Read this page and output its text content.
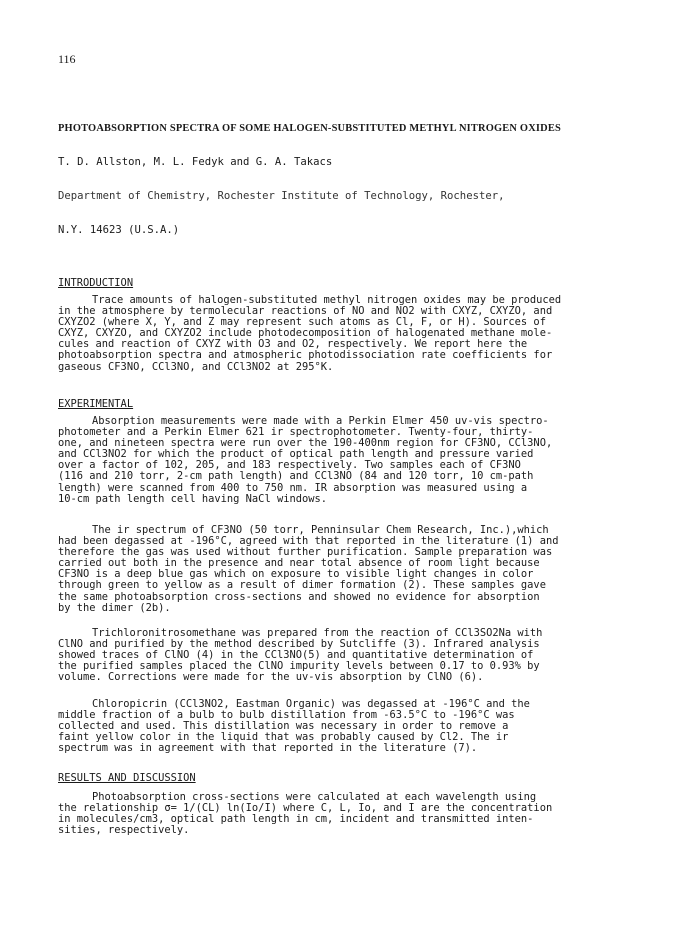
116
PHOTOABSORPTION SPECTRA OF SOME HALOGEN-SUBSTITUTED METHYL NITROGEN OXIDES
T. D. Allston, M. L. Fedyk and G. A. Takacs
Department of Chemistry, Rochester Institute of Technology, Rochester,
N.Y. 14623 (U.S.A.)
INTRODUCTION
Trace amounts of halogen-substituted methyl nitrogen oxides may be produced
in the atmosphere by termolecular reactions of NO and NO2 with CXYZ, CXYZO, and
CXYZO2 (where X, Y, and Z may represent such atoms as Cl, F, or H). Sources of
CXYZ, CXYZO, and CXYZO2 include photodecomposition of halogenated methane mole-
cules and reaction of CXYZ with O3 and O2, respectively. We report here the
photoabsorption spectra and atmospheric photodissociation rate coefficients for
gaseous CF3NO, CCl3NO, and CCl3NO2 at 295°K.
EXPERIMENTAL
Absorption measurements were made with a Perkin Elmer 450 uv-vis spectro-
photometer and a Perkin Elmer 621 ir spectrophotometer. Twenty-four, thirty-
one, and nineteen spectra were run over the 190-400nm region for CF3NO, CCl3NO,
and CCl3NO2 for which the product of optical path length and pressure varied
over a factor of 102, 205, and 183 respectively. Two samples each of CF3NO
(116 and 210 torr, 2-cm path length) and CCl3NO (84 and 120 torr, 10 cm-path
length) were scanned from 400 to 750 nm. IR absorption was measured using a
10-cm path length cell having NaCl windows.
The ir spectrum of CF3NO (50 torr, Penninsular Chem Research, Inc.),which
had been degassed at -196°C, agreed with that reported in the literature (1) and
therefore the gas was used without further purification. Sample preparation was
carried out both in the presence and near total absence of room light because
CF3NO is a deep blue gas which on exposure to visible light changes in color
through green to yellow as a result of dimer formation (2). These samples gave
the same photoabsorption cross-sections and showed no evidence for absorption
by the dimer (2b).
Trichloronitrosomethane was prepared from the reaction of CCl3SO2Na with
ClNO and purified by the method described by Sutcliffe (3). Infrared analysis
showed traces of ClNO (4) in the CCl3NO(5) and quantitative determination of
the purified samples placed the ClNO impurity levels between 0.17 to 0.93% by
volume. Corrections were made for the uv-vis absorption by ClNO (6).
Chloropicrin (CCl3NO2, Eastman Organic) was degassed at -196°C and the
middle fraction of a bulb to bulb distillation from -63.5°C to -196°C was
collected and used. This distillation was necessary in order to remove a
faint yellow color in the liquid that was probably caused by Cl2. The ir
spectrum was in agreement with that reported in the literature (7).
RESULTS AND DISCUSSION
Photoabsorption cross-sections were calculated at each wavelength using
the relationship σ= 1/(CL) ln(Io/I) where C, L, Io, and I are the concentration
in molecules/cm3, optical path length in cm, incident and transmitted inten-
sities, respectively.
